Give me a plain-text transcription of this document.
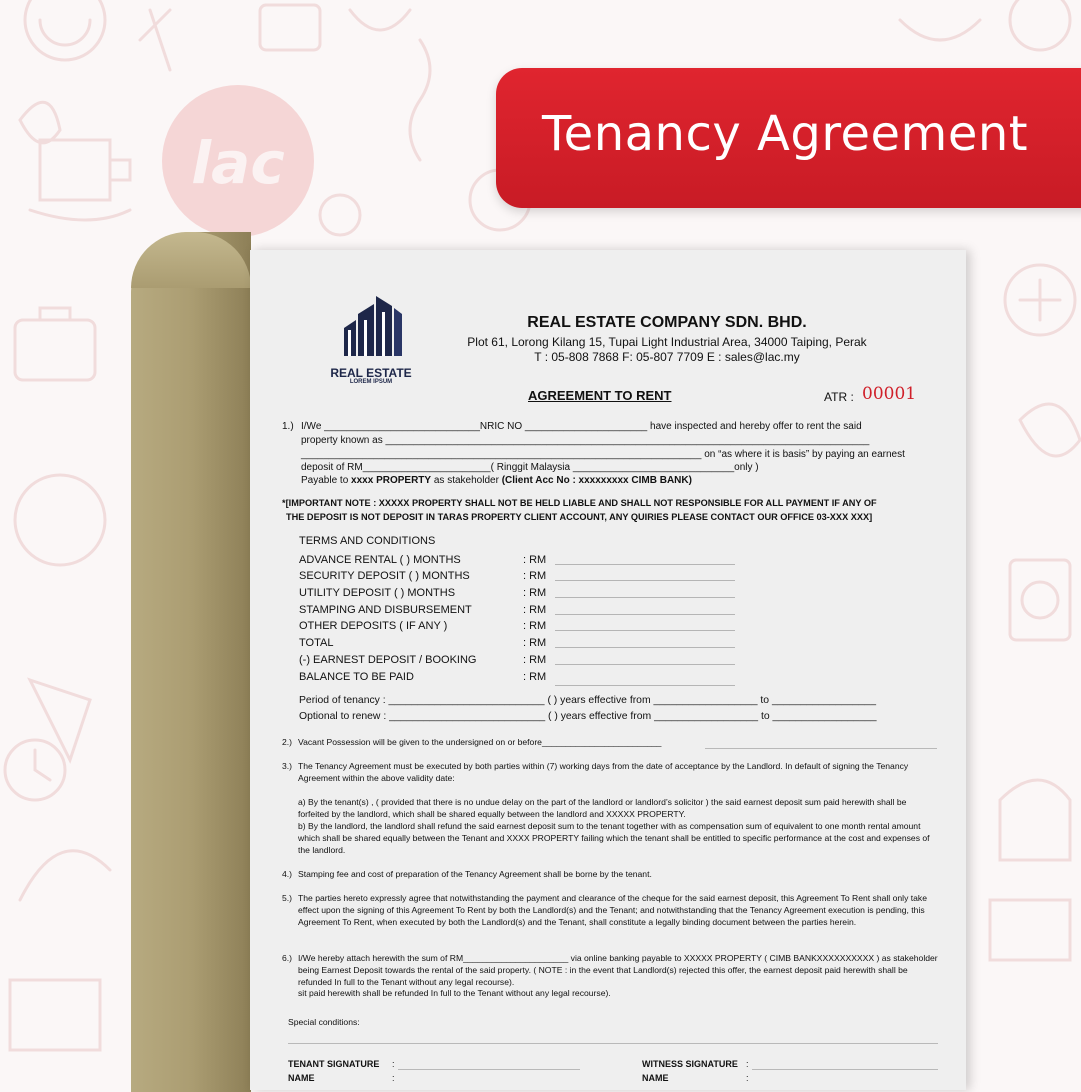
lac	Tenancy Agreement
REAL ESTATE
LOREM IPSUM
REAL ESTATE COMPANY SDN. BHD.
Plot 61, Lorong Kilang 15, Tupai Light Industrial Area, 34000 Taiping, Perak
T : 05-808 7868 F: 05-807 7709 E : sales@lac.my
AGREEMENT TO RENT	ATR : 00001
1.) I/We ____________________________NRIC NO ______________________ have inspected and hereby offer to rent the said
property known as _______________________________________________________________________________________
________________________________________________________________________ on “as where it is basis” by paying an earnest
deposit of RM_______________________( Ringgit Malaysia _____________________________only )
Payable to xxxx PROPERTY as stakeholder (Client Acc No : xxxxxxxxx CIMB BANK)
*[IMPORTANT NOTE : XXXXX PROPERTY SHALL NOT BE HELD LIABLE AND SHALL NOT RESPONSIBLE FOR ALL PAYMENT IF ANY OF
THE DEPOSIT IS NOT DEPOSIT IN TARAS PROPERTY CLIENT ACCOUNT, ANY QUIRIES PLEASE CONTACT OUR OFFICE 03-XXX XXX]
TERMS AND CONDITIONS
ADVANCE RENTAL ( ) MONTHS	: RM
SECURITY DEPOSIT ( ) MONTHS	: RM
UTILITY DEPOSIT ( ) MONTHS	: RM
STAMPING AND DISBURSEMENT	: RM
OTHER DEPOSITS ( IF ANY )	: RM
TOTAL	: RM
(-) EARNEST DEPOSIT / BOOKING	: RM
BALANCE TO BE PAID	: RM
Period of tenancy : ___________________________ ( ) years effective from __________________ to __________________
Optional to renew : ___________________________ ( ) years effective from __________________ to __________________
2.) Vacant Possession will be given to the undersigned on or before_________________________
3.) The Tenancy Agreement must be executed by both parties within (7) working days from the date of acceptance by the Landlord. In default of signing the Tenancy Agreement within the above validity date:
a) By the tenant(s) , ( provided that there is no undue delay on the part of the landlord or landlord’s solicitor ) the said earnest deposit sum paid herewith shall be forfeited by the landlord, which shall be shared equally between the landlord and XXXXX PROPERTY.
b) By the landlord, the landlord shall refund the said earnest deposit sum to the tenant together with as compensation sum of equivalent to one month rental amount which shall be shared equally between the Tenant and XXXX PROPERTY failing which the tenant shall be entitled to specific performance at the cost and expenses of the landlord.
4.) Stamping fee and cost of preparation of the Tenancy Agreement shall be borne by the tenant.
5.) The parties hereto expressly agree that notwithstanding the payment and clearance of the cheque for the said earnest deposit, this Agreement To Rent shall only take effect upon the signing of this Agreement To Rent by both the Landlord(s) and the Tenant; and notwithstanding that the Tenancy Agreement execution is pending, this Agreement To Rent, when executed by both the Landlord(s) and the Tenant, shall constitute a legally binding document between the parties herein.
6.) I/We hereby attach herewith the sum of RM______________________ via online banking payable to XXXXX PROPERTY ( CIMB BANKXXXXXXXXXX ) as stakeholder being Earnest Deposit towards the rental of the said property. ( NOTE : in the event that Landlord(s) rejected this offer, the earnest deposit paid herewith shall be refunded In full to the Tenant without any legal recourse).
sit paid herewith shall be refunded In full to the Tenant without any legal recourse).
Special conditions:
TENANT SIGNATURE :	WITNESS SIGNATURE :
NAME	:	NAME	:
